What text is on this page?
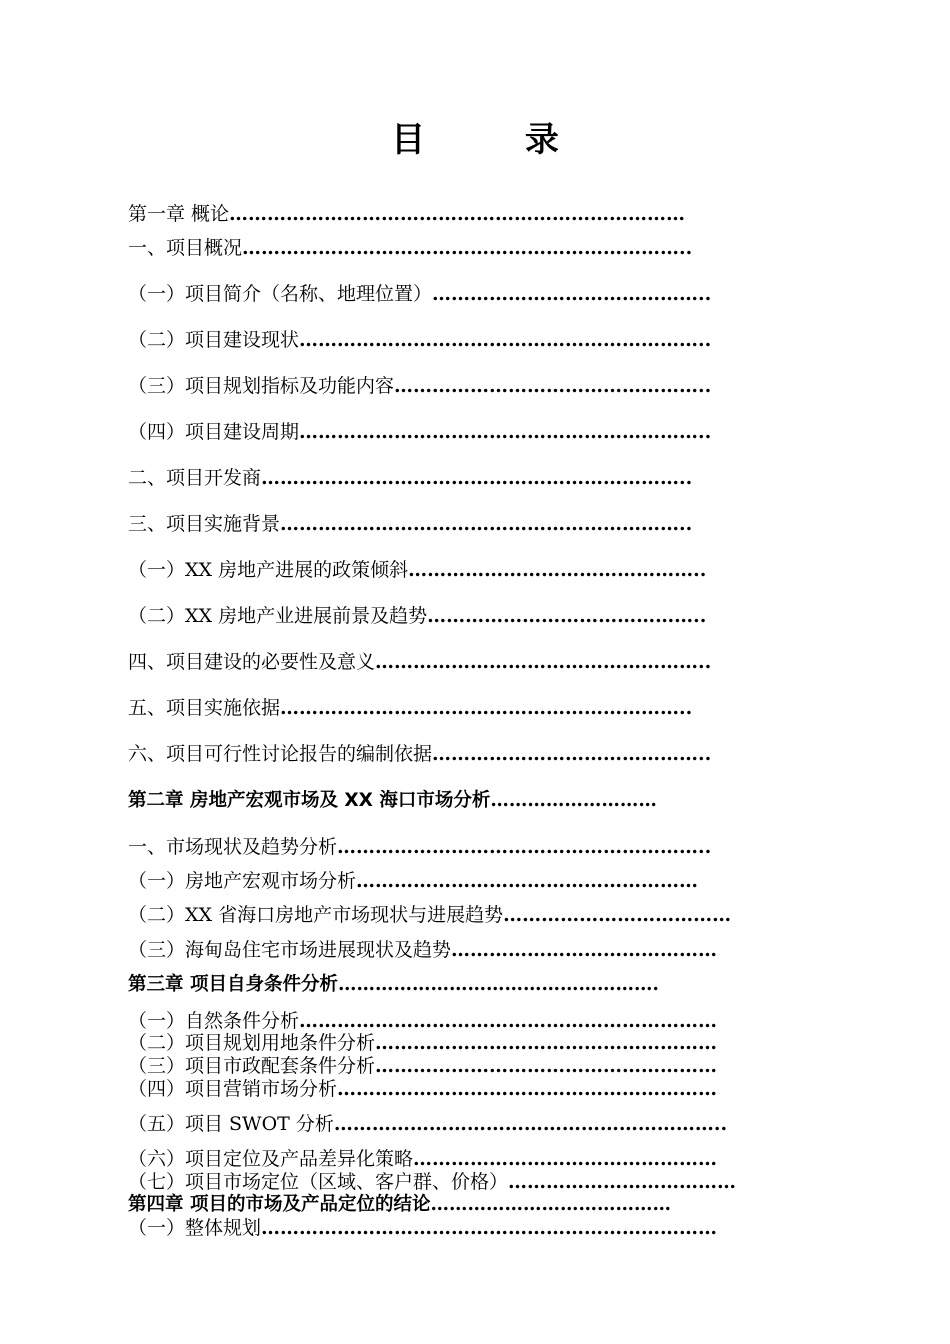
目 录
第一章 概论………………………………………………………………
一、项目概况……………………………………………………………..
（一）项目简介（名称、地理位置）……………………………………..
（二）项目建设现状………………………………………………………..
（三）项目规划指标及功能内容…………………………………………..
（四）项目建设周期………………………………………………………..
二、项目开发商…………………………………………………………..
三、项目实施背景………………………………………………………..
（一）XX 房地产进展的政策倾斜………………………………………..
（二）XX 房地产业进展前景及趋势……………………………………..
四、项目建设的必要性及意义……………………………………………..
五、项目实施依据………………………………………………………..
六、项目可行性讨论报告的编制依据……………………………………..
第二章 房地产宏观市场及 XX 海口市场分析………………………
一、市场现状及趋势分析…………………………………………………..
（一）房地产宏观市场分析………………………………………………
（二）XX 省海口房地产市场现状与进展趋势………………………………
（三）海甸岛住宅市场进展现状及趋势……………………………………
第三章 项目自身条件分析…………………………………………….
（一）自然条件分析…………………………………………………………
（二）项目规划用地条件分析………………………………………………
（三）项目市政配套条件分析………………………………………………
（四）项目营销市场分析……………………………………………………
（五）项目 SWOT 分析……………………………………………………..
（六）项目定位及产品差异化策略…………………………………………
（七）项目市场定位（区域、客户群、价格）………………………………
第四章 项目的市场及产品定位的结论…………………………………
（一）整体规划………………………………………………………………
